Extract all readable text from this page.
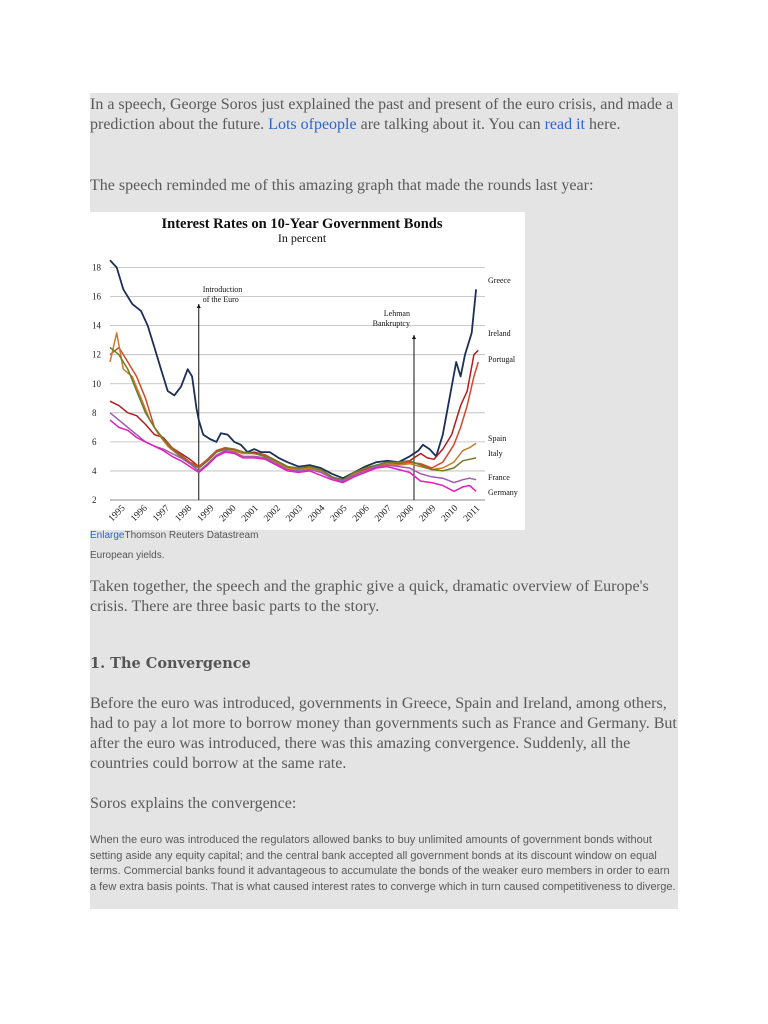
In a speech, George Soros just explained the past and present of the euro crisis, and made a prediction about the future. Lots ofpeople are talking about it. You can read it here.

The speech reminded me of this amazing graph that made the rounds last year:

Interest Rates on 10-Year Government Bonds
In percent
2
4
6
8
10
12
14
16
18
1995 1996 1997 1998 1999 2000 2001 2002 2003 2004 2005 2006 2007 2008 2009 2010 2011
Introduction
of the Euro
Lehman
Bankruptcy
Greece
Ireland
Portugal
Spain
Italy
France
Germany
EnlargeThomson Reuters Datastream
European yields.

Taken together, the speech and the graphic give a quick, dramatic overview of Europe's crisis. There are three basic parts to the story.

1. The Convergence

Before the euro was introduced, governments in Greece, Spain and Ireland, among others, had to pay a lot more to borrow money than governments such as France and Germany. But after the euro was introduced, there was this amazing convergence. Suddenly, all the countries could borrow at the same rate.

Soros explains the convergence:

When the euro was introduced the regulators allowed banks to buy unlimited amounts of government bonds without setting aside any equity capital; and the central bank accepted all government bonds at its discount window on equal terms. Commercial banks found it advantageous to accumulate the bonds of the weaker euro members in order to earn a few extra basis points. That is what caused interest rates to converge which in turn caused competitiveness to diverge.
